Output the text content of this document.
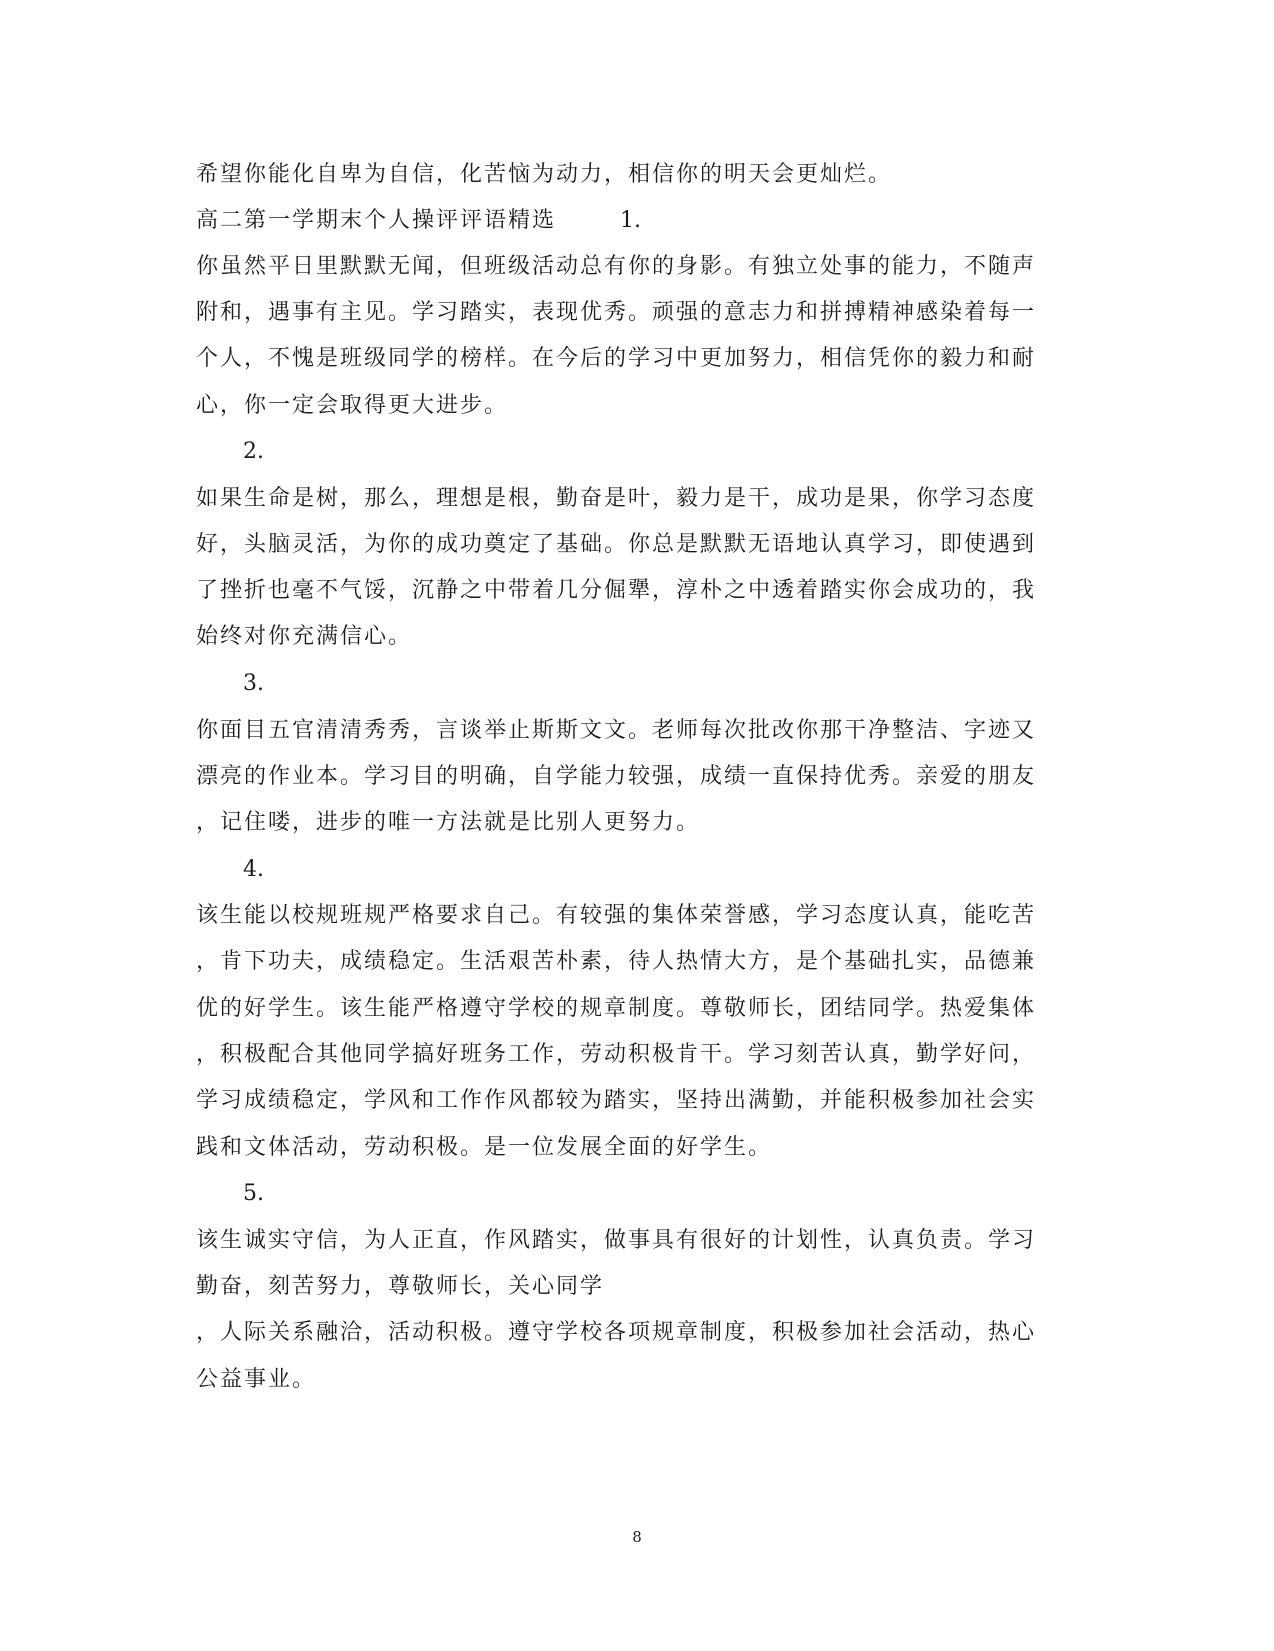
希望你能化自卑为自信，化苦恼为动力，相信你的明天会更灿烂。
高二第一学期末个人操评评语精选	1.
你虽然平日里默默无闻，但班级活动总有你的身影。有独立处事的能力，不随声
附和，遇事有主见。学习踏实，表现优秀。顽强的意志力和拼搏精神感染着每一
个人，不愧是班级同学的榜样。在今后的学习中更加努力，相信凭你的毅力和耐
心，你一定会取得更大进步。
2.
如果生命是树，那么，理想是根，勤奋是叶，毅力是干，成功是果，你学习态度
好，头脑灵活，为你的成功奠定了基础。你总是默默无语地认真学习，即使遇到
了挫折也毫不气馁，沉静之中带着几分倔犟，淳朴之中透着踏实你会成功的，我
始终对你充满信心。
3.
你面目五官清清秀秀，言谈举止斯斯文文。老师每次批改你那干净整洁、字迹又
漂亮的作业本。学习目的明确，自学能力较强，成绩一直保持优秀。亲爱的朋友
，记住喽，进步的唯一方法就是比别人更努力。
4.
该生能以校规班规严格要求自己。有较强的集体荣誉感，学习态度认真，能吃苦
，肯下功夫，成绩稳定。生活艰苦朴素，待人热情大方，是个基础扎实，品德兼
优的好学生。该生能严格遵守学校的规章制度。尊敬师长，团结同学。热爱集体
，积极配合其他同学搞好班务工作，劳动积极肯干。学习刻苦认真，勤学好问，
学习成绩稳定，学风和工作作风都较为踏实，坚持出满勤，并能积极参加社会实
践和文体活动，劳动积极。是一位发展全面的好学生。
5.
该生诚实守信，为人正直，作风踏实，做事具有很好的计划性，认真负责。学习
勤奋，刻苦努力，尊敬师长，关心同学
，人际关系融洽，活动积极。遵守学校各项规章制度，积极参加社会活动，热心
公益事业。
8
